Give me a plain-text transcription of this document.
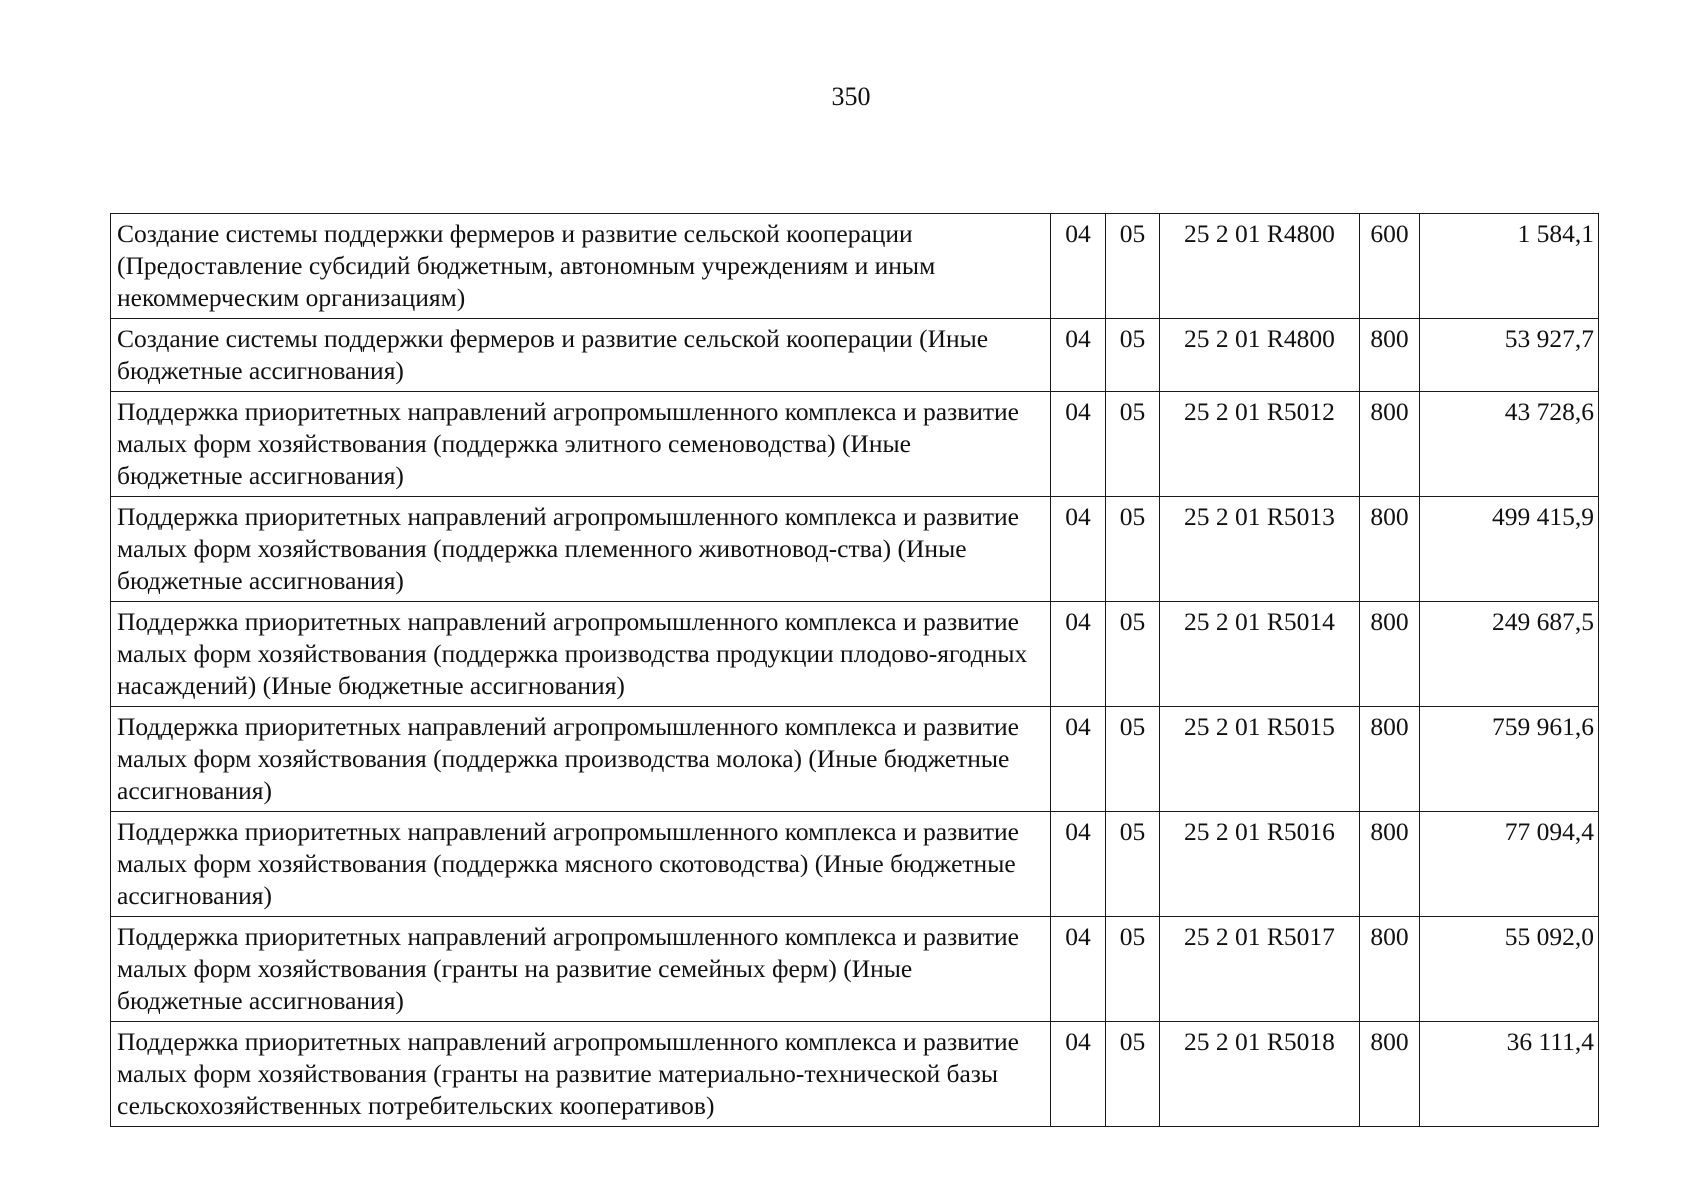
350
Создание системы поддержки фермеров и развитие сельской кооперации (Предоставление субсидий бюджетным, автономным учреждениям и иным некоммерческим организациям)	04	05	25 2 01 R4800	600	1 584,1
Создание системы поддержки фермеров и развитие сельской кооперации (Иные бюджетные ассигнования)	04	05	25 2 01 R4800	800	53 927,7
Поддержка приоритетных направлений агропромышленного комплекса и развитие малых форм хозяйствования (поддержка элитного семеноводства) (Иные бюджетные ассигнования)	04	05	25 2 01 R5012	800	43 728,6
Поддержка приоритетных направлений агропромышленного комплекса и развитие малых форм хозяйствования (поддержка племенного животновод-ства) (Иные бюджетные ассигнования)	04	05	25 2 01 R5013	800	499 415,9
Поддержка приоритетных направлений агропромышленного комплекса и развитие малых форм хозяйствования (поддержка производства продукции плодово-ягодных насаждений) (Иные бюджетные ассигнования)	04	05	25 2 01 R5014	800	249 687,5
Поддержка приоритетных направлений агропромышленного комплекса и развитие малых форм хозяйствования (поддержка производства молока) (Иные бюджетные ассигнования)	04	05	25 2 01 R5015	800	759 961,6
Поддержка приоритетных направлений агропромышленного комплекса и развитие малых форм хозяйствования (поддержка мясного скотоводства) (Иные бюджетные ассигнования)	04	05	25 2 01 R5016	800	77 094,4
Поддержка приоритетных направлений агропромышленного комплекса и развитие малых форм хозяйствования (гранты на развитие семейных ферм) (Иные бюджетные ассигнования)	04	05	25 2 01 R5017	800	55 092,0
Поддержка приоритетных направлений агропромышленного комплекса и развитие малых форм хозяйствования (гранты на развитие материально-технической базы сельскохозяйственных потребительских кооперативов)	04	05	25 2 01 R5018	800	36 111,4
